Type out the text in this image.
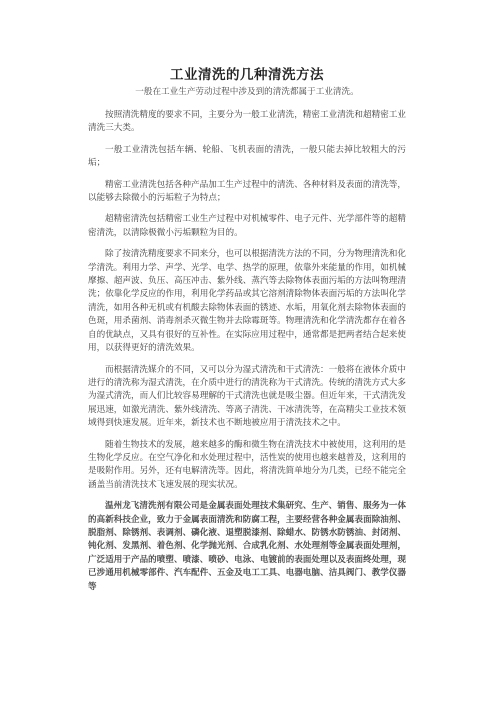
工业清洗的几种清洗方法

一般在工业生产劳动过程中涉及到的清洗都属于工业清洗。

按照清洗精度的要求不同，主要分为一般工业清洗，精密工业清洗和超精密工业清洗三大类。

一般工业清洗包括车辆、轮船、飞机表面的清洗，一般只能去掉比较粗大的污垢；

精密工业清洗包括各种产品加工生产过程中的清洗、各种材料及表面的清洗等，以能够去除微小的污垢粒子为特点；

超精密清洗包括精密工业生产过程中对机械零件、电子元件、光学部件等的超精密清洗，以清除极微小污垢颗粒为目的。

除了按清洗精度要求不同来分，也可以根据清洗方法的不同，分为物理清洗和化学清洗。利用力学、声学、光学、电学、热学的原理，依靠外来能量的作用，如机械摩擦、超声波、负压、高压冲击、紫外线、蒸汽等去除物体表面污垢的方法叫物理清洗；依靠化学反应的作用，利用化学药品或其它溶剂清除物体表面污垢的方法叫化学清洗，如用各种无机或有机酸去除物体表面的锈迹、水垢，用氧化剂去除物体表面的色斑，用杀菌剂、消毒剂杀灭微生物并去除霉斑等。物理清洗和化学清洗都存在着各自的优缺点，又具有很好的互补性。在实际应用过程中，通常都是把两者结合起来使用，以获得更好的清洗效果。

而根据清洗媒介的不同，又可以分为湿式清洗和干式清洗：一般将在液体介质中进行的清洗称为湿式清洗，在介质中进行的清洗称为干式清洗。传统的清洗方式大多为湿式清洗，而人们比较容易理解的干式清洗也就是吸尘器。但近年来，干式清洗发展迅速，如激光清洗、紫外线清洗、等离子清洗、干冰清洗等，在高精尖工业技术领域得到快速发展。近年来，新技术也不断地被应用于清洗技术之中。

随着生物技术的发展，越来越多的酶和微生物在清洗技术中被使用，这利用的是生物化学反应。在空气净化和水处理过程中，活性炭的使用也越来越普及，这利用的是吸附作用。另外，还有电解清洗等。因此，将清洗简单地分为几类，已经不能完全涵盖当前清洗技术飞速发展的现实状况。

温州龙飞清洗剂有限公司是金属表面处理技术集研究、生产、销售、服务为一体的高新科技企业，致力于金属表面清洗和防腐工程，主要经营各种金属表面除油剂、脱脂剂、除锈剂、表调剂、磷化液、退塑脱漆剂、除蜡水、防锈水防锈油、封闭剂、钝化剂、发黑剂、着色剂、化学抛光剂、合成乳化剂、水处理剂等金属表面处理剂，广泛适用于产品的喷塑、喷漆、喷砂、电泳、电镀前的表面处理以及表面终处理，现已涉通用机械零部件、汽车配件、五金及电工工具、电器电脑、洁具阀门、教学仪器等
